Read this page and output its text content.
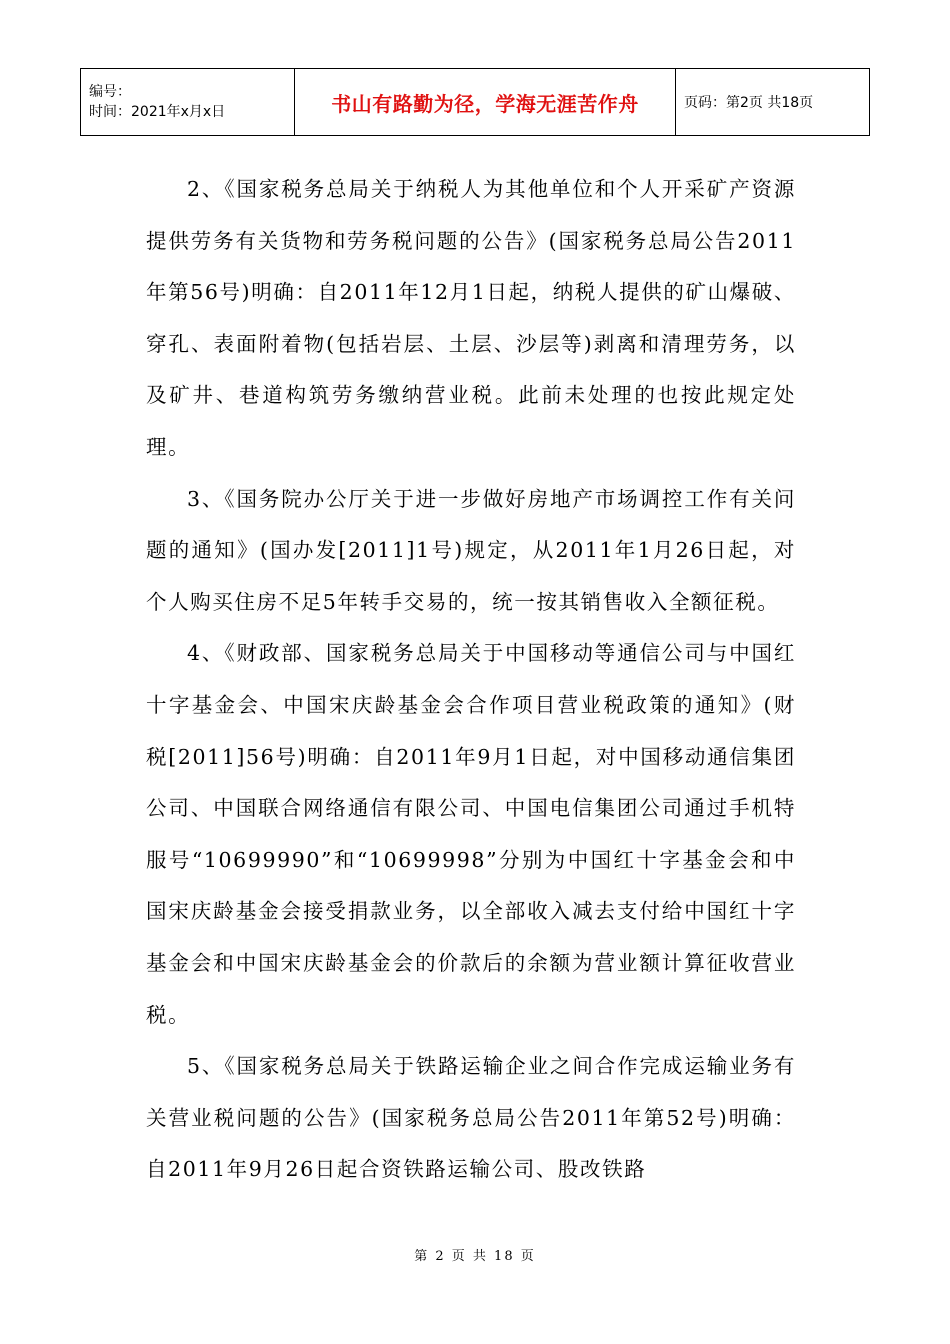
编号：
时间：2021年x月x日	书山有路勤为径，学海无涯苦作舟	页码：第2页 共18页

2、《国家税务总局关于纳税人为其他单位和个人开采矿产资源提供劳务有关货物和劳务税问题的公告》(国家税务总局公告2011年第56号)明确：自2011年12月1日起，纳税人提供的矿山爆破、穿孔、表面附着物(包括岩层、土层、沙层等)剥离和清理劳务，以及矿井、巷道构筑劳务缴纳营业税。此前未处理的也按此规定处理。

3、《国务院办公厅关于进一步做好房地产市场调控工作有关问题的通知》(国办发[2011]1号)规定，从2011年1月26日起，对个人购买住房不足5年转手交易的，统一按其销售收入全额征税。

4、《财政部、国家税务总局关于中国移动等通信公司与中国红十字基金会、中国宋庆龄基金会合作项目营业税政策的通知》(财税[2011]56号)明确：自2011年9月1日起，对中国移动通信集团公司、中国联合网络通信有限公司、中国电信集团公司通过手机特服号“10699990”和“10699998”分别为中国红十字基金会和中国宋庆龄基金会接受捐款业务，以全部收入减去支付给中国红十字基金会和中国宋庆龄基金会的价款后的余额为营业额计算征收营业税。

5、《国家税务总局关于铁路运输企业之间合作完成运输业务有关营业税问题的公告》(国家税务总局公告2011年第52号)明确：自2011年9月26日起合资铁路运输公司、股改铁路

第 2 页 共 18 页
